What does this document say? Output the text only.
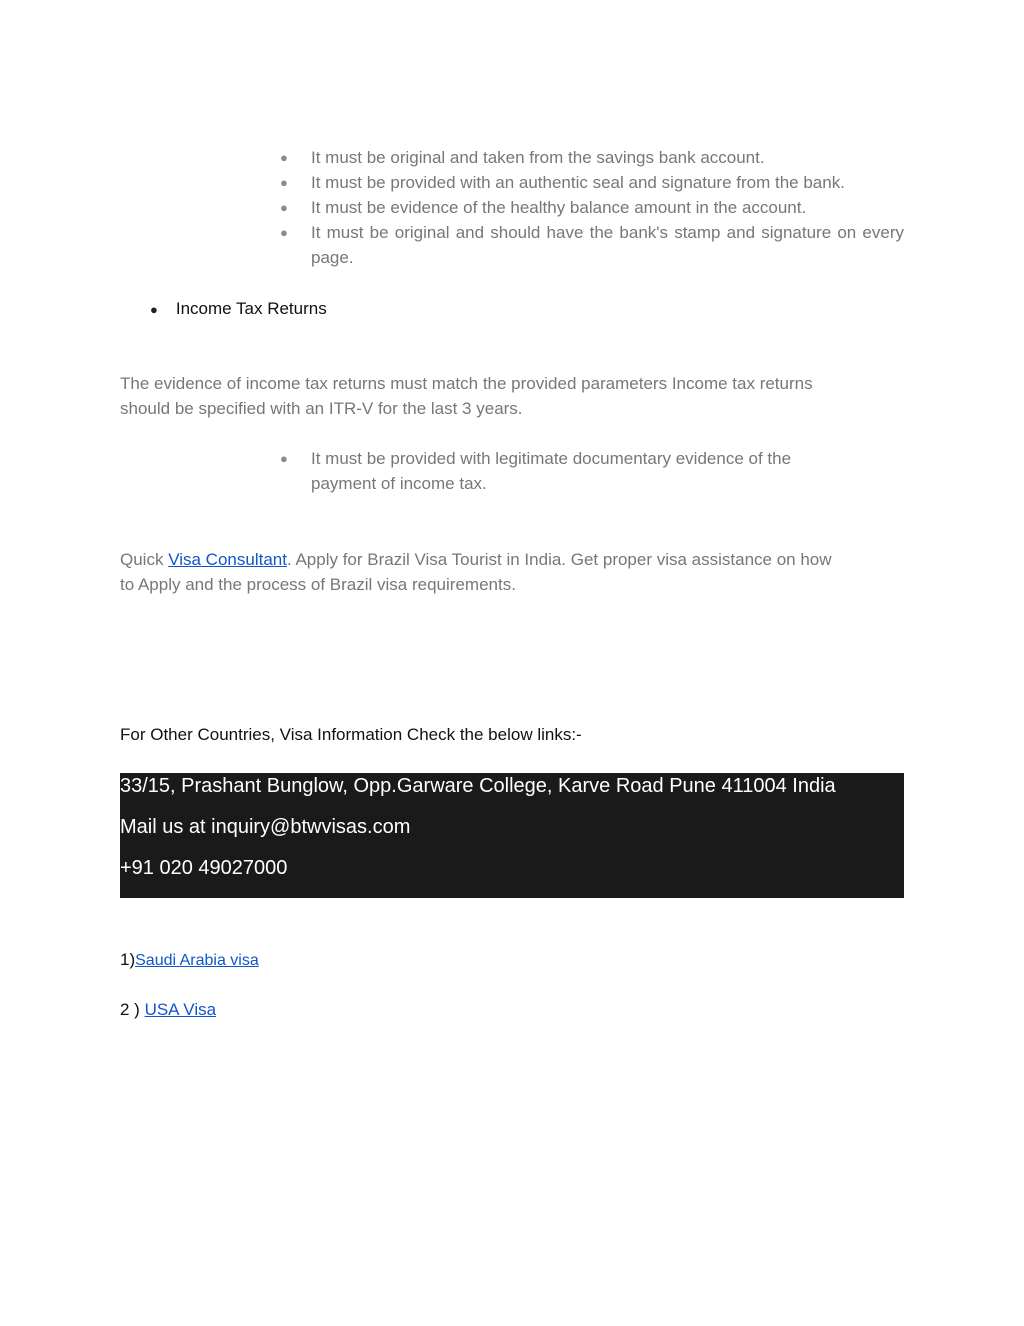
● It must be original and taken from the savings bank account.
● It must be provided with an authentic seal and signature from the bank.
● It must be evidence of the healthy balance amount in the account.
● It must be original and should have the bank's stamp and signature on every page.
● Income Tax Returns
The evidence of income tax returns must match the provided parameters Income tax returns
should be specified with an ITR-V for the last 3 years.
● It must be provided with legitimate documentary evidence of the
payment of income tax.
Quick Visa Consultant. Apply for Brazil Visa Tourist in India. Get proper visa assistance on how
to Apply and the process of Brazil visa requirements.
For Other Countries, Visa Information Check the below links:-
33/15, Prashant Bunglow, Opp.Garware College, Karve Road Pune 411004 India
Mail us at inquiry@btwvisas.com
+91 020 49027000
1)Saudi Arabia visa
2 ) USA Visa
